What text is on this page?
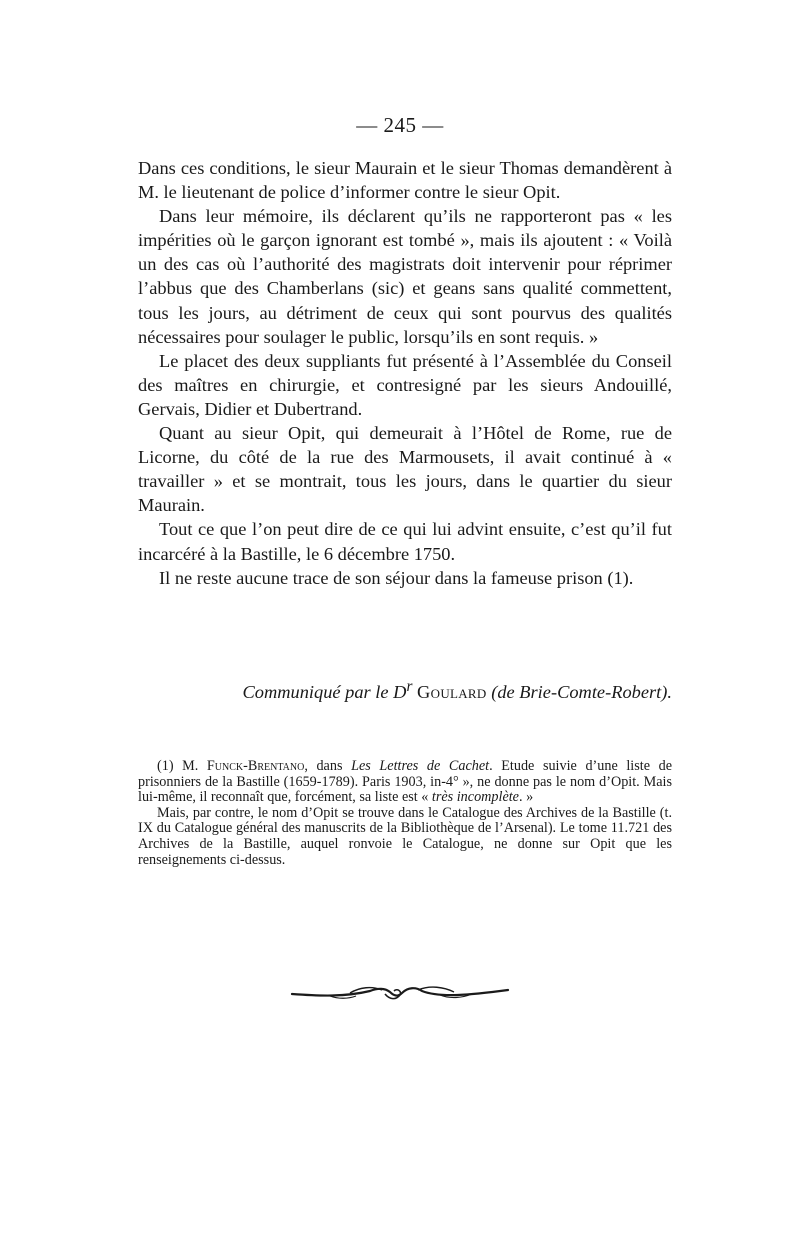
— 245 —

Dans ces conditions, le sieur Maurain et le sieur Thomas demandèrent à M. le lieutenant de police d’informer contre le sieur Opit.

Dans leur mémoire, ils déclarent qu’ils ne rapporteront pas « les impérities où le garçon ignorant est tombé », mais ils ajoutent : « Voilà un des cas où l’authorité des magistrats doit intervenir pour réprimer l’abbus que des Chamberlans (sic) et geans sans qualité commettent, tous les jours, au détriment de ceux qui sont pourvus des qualités nécessaires pour soulager le public, lorsqu’ils en sont requis. »

Le placet des deux suppliants fut présenté à l’Assemblée du Conseil des maîtres en chirurgie, et contresigné par les sieurs Andouillé, Gervais, Didier et Dubertrand.

Quant au sieur Opit, qui demeurait à l’Hôtel de Rome, rue de Licorne, du côté de la rue des Marmousets, il avait continué à « travailler » et se montrait, tous les jours, dans le quartier du sieur Maurain.

Tout ce que l’on peut dire de ce qui lui advint ensuite, c’est qu’il fut incarcéré à la Bastille, le 6 décembre 1750.

Il ne reste aucune trace de son séjour dans la fameuse prison (1).

Communiqué par le $D^r$ Goulard (de Brie-Comte-Robert).

(1) M. Funck-Brentano, dans Les Lettres de Cachet. Etude suivie d’une liste de prisonniers de la Bastille (1659-1789). Paris 1903, in-4° », ne donne pas le nom d’Opit. Mais lui-même, il reconnaît que, forcément, sa liste est « très incomplète. »

Mais, par contre, le nom d’Opit se trouve dans le Catalogue des Archives de la Bastille (t. IX du Catalogue général des manuscrits de la Bibliothèque de l’Arsenal). Le tome 11.721 des Archives de la Bastille, auquel ronvoie le Catalogue, ne donne sur Opit que les renseignements ci-dessus.
